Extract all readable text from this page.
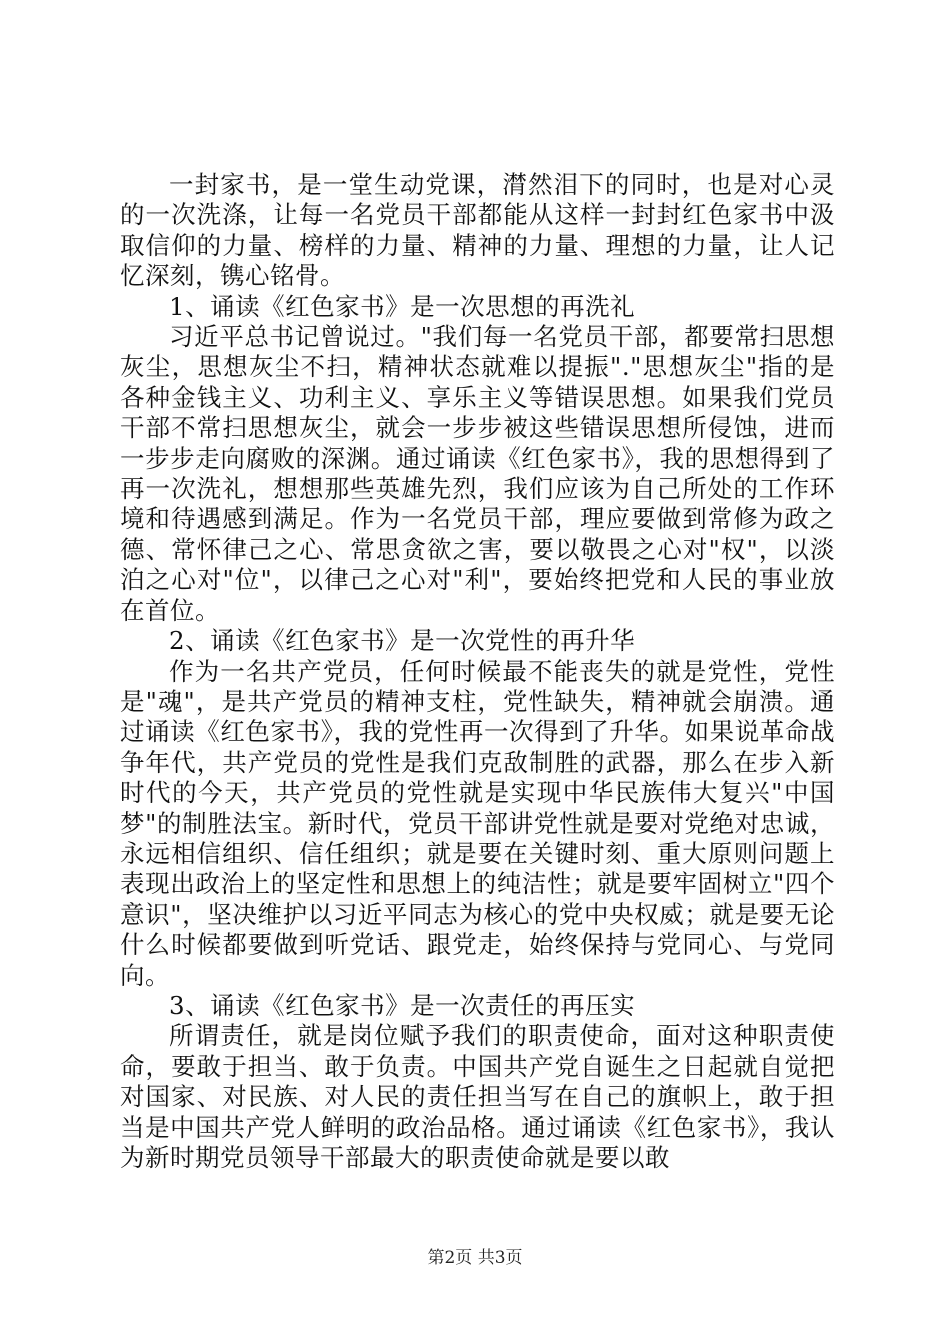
一封家书，是一堂生动党课，潸然泪下的同时，也是对心灵的一次洗涤，让每一名党员干部都能从这样一封封红色家书中汲取信仰的力量、榜样的力量、精神的力量、理想的力量，让人记忆深刻，镌心铭骨。

1、诵读《红色家书》是一次思想的再洗礼

习近平总书记曾说过。"我们每一名党员干部，都要常扫思想灰尘，思想灰尘不扫，精神状态就难以提振"."思想灰尘"指的是各种金钱主义、功利主义、享乐主义等错误思想。如果我们党员干部不常扫思想灰尘，就会一步步被这些错误思想所侵蚀，进而一步步走向腐败的深渊。通过诵读《红色家书》，我的思想得到了再一次洗礼，想想那些英雄先烈，我们应该为自己所处的工作环境和待遇感到满足。作为一名党员干部，理应要做到常修为政之德、常怀律己之心、常思贪欲之害，要以敬畏之心对"权"，以淡泊之心对"位"，以律己之心对"利"，要始终把党和人民的事业放在首位。

2、诵读《红色家书》是一次党性的再升华

作为一名共产党员，任何时候最不能丧失的就是党性，党性是"魂"，是共产党员的精神支柱，党性缺失，精神就会崩溃。通过诵读《红色家书》，我的党性再一次得到了升华。如果说革命战争年代，共产党员的党性是我们克敌制胜的武器，那么在步入新时代的今天，共产党员的党性就是实现中华民族伟大复兴"中国梦"的制胜法宝。新时代，党员干部讲党性就是要对党绝对忠诚，永远相信组织、信任组织；就是要在关键时刻、重大原则问题上表现出政治上的坚定性和思想上的纯洁性；就是要牢固树立"四个意识"，坚决维护以习近平同志为核心的党中央权威；就是要无论什么时候都要做到听党话、跟党走，始终保持与党同心、与党同向。

3、诵读《红色家书》是一次责任的再压实

所谓责任，就是岗位赋予我们的职责使命，面对这种职责使命，要敢于担当、敢于负责。中国共产党自诞生之日起就自觉把对国家、对民族、对人民的责任担当写在自己的旗帜上，敢于担当是中国共产党人鲜明的政治品格。通过诵读《红色家书》，我认为新时期党员领导干部最大的职责使命就是要以敢

第2页 共3页
